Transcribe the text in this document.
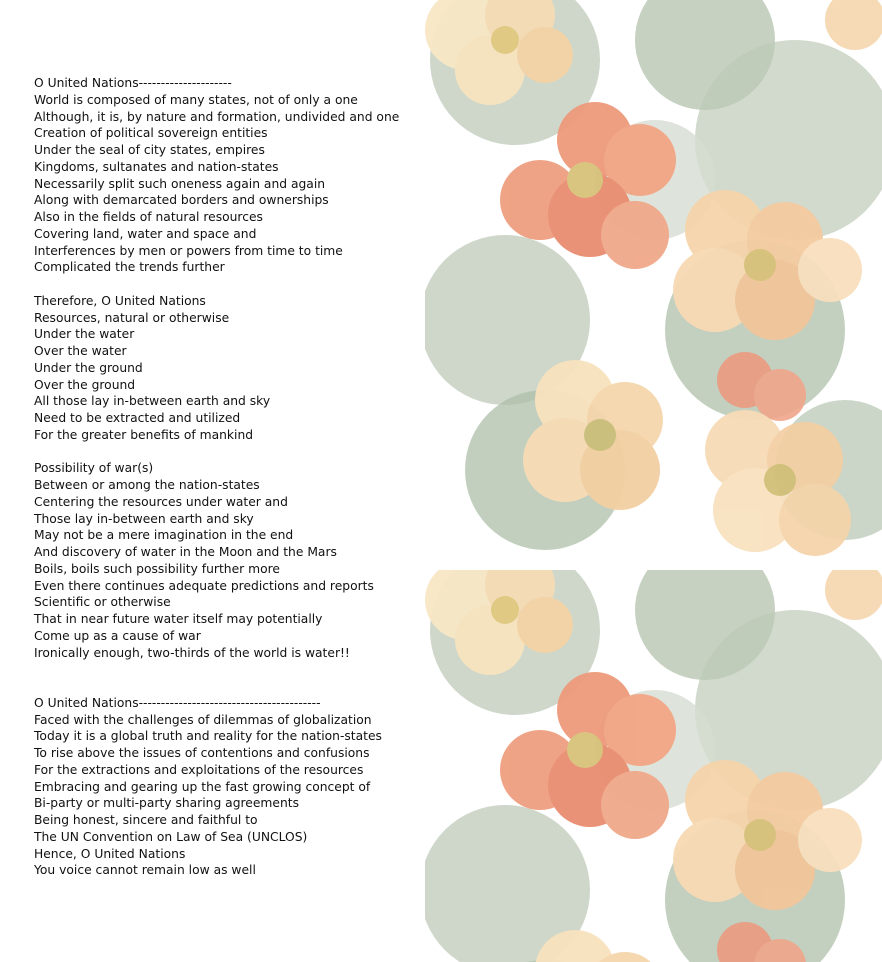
O United Nations---------------------
World is composed of many states, not of only a one
Although, it is, by nature and formation, undivided and one
Creation of political sovereign entities
Under the seal of city states, empires
Kingdoms, sultanates and nation-states
Necessarily split such oneness again and again
Along with demarcated borders and ownerships
Also in the fields of natural resources
Covering land, water and space and
Interferences by men or powers from time to time
Complicated the trends further
Therefore, O United Nations
Resources, natural or otherwise
Under the water
Over the water
Under the ground
Over the ground
All those lay in-between earth and sky
Need to be extracted and utilized
For the greater benefits of mankind
Possibility of war(s)
Between or among the nation-states
Centering the resources under water and
Those lay in-between earth and sky
May not be a mere imagination in the end
And discovery of water in the Moon and the Mars
Boils, boils such possibility further more
Even there continues adequate predictions and reports
Scientific or otherwise
That in near future water itself may potentially
Come up as a cause of war
Ironically enough, two-thirds of the world is water!!
O United Nations-----------------------------------------
Faced with the challenges of dilemmas of globalization
Today it is a global truth and reality for the nation-states
To rise above the issues of contentions and confusions
For the extractions and exploitations of the resources
Embracing and gearing up the fast growing concept of
Bi-party or multi-party sharing agreements
Being honest, sincere and faithful to
The UN Convention on Law of Sea (UNCLOS)
Hence, O United Nations
You voice cannot remain low as well
